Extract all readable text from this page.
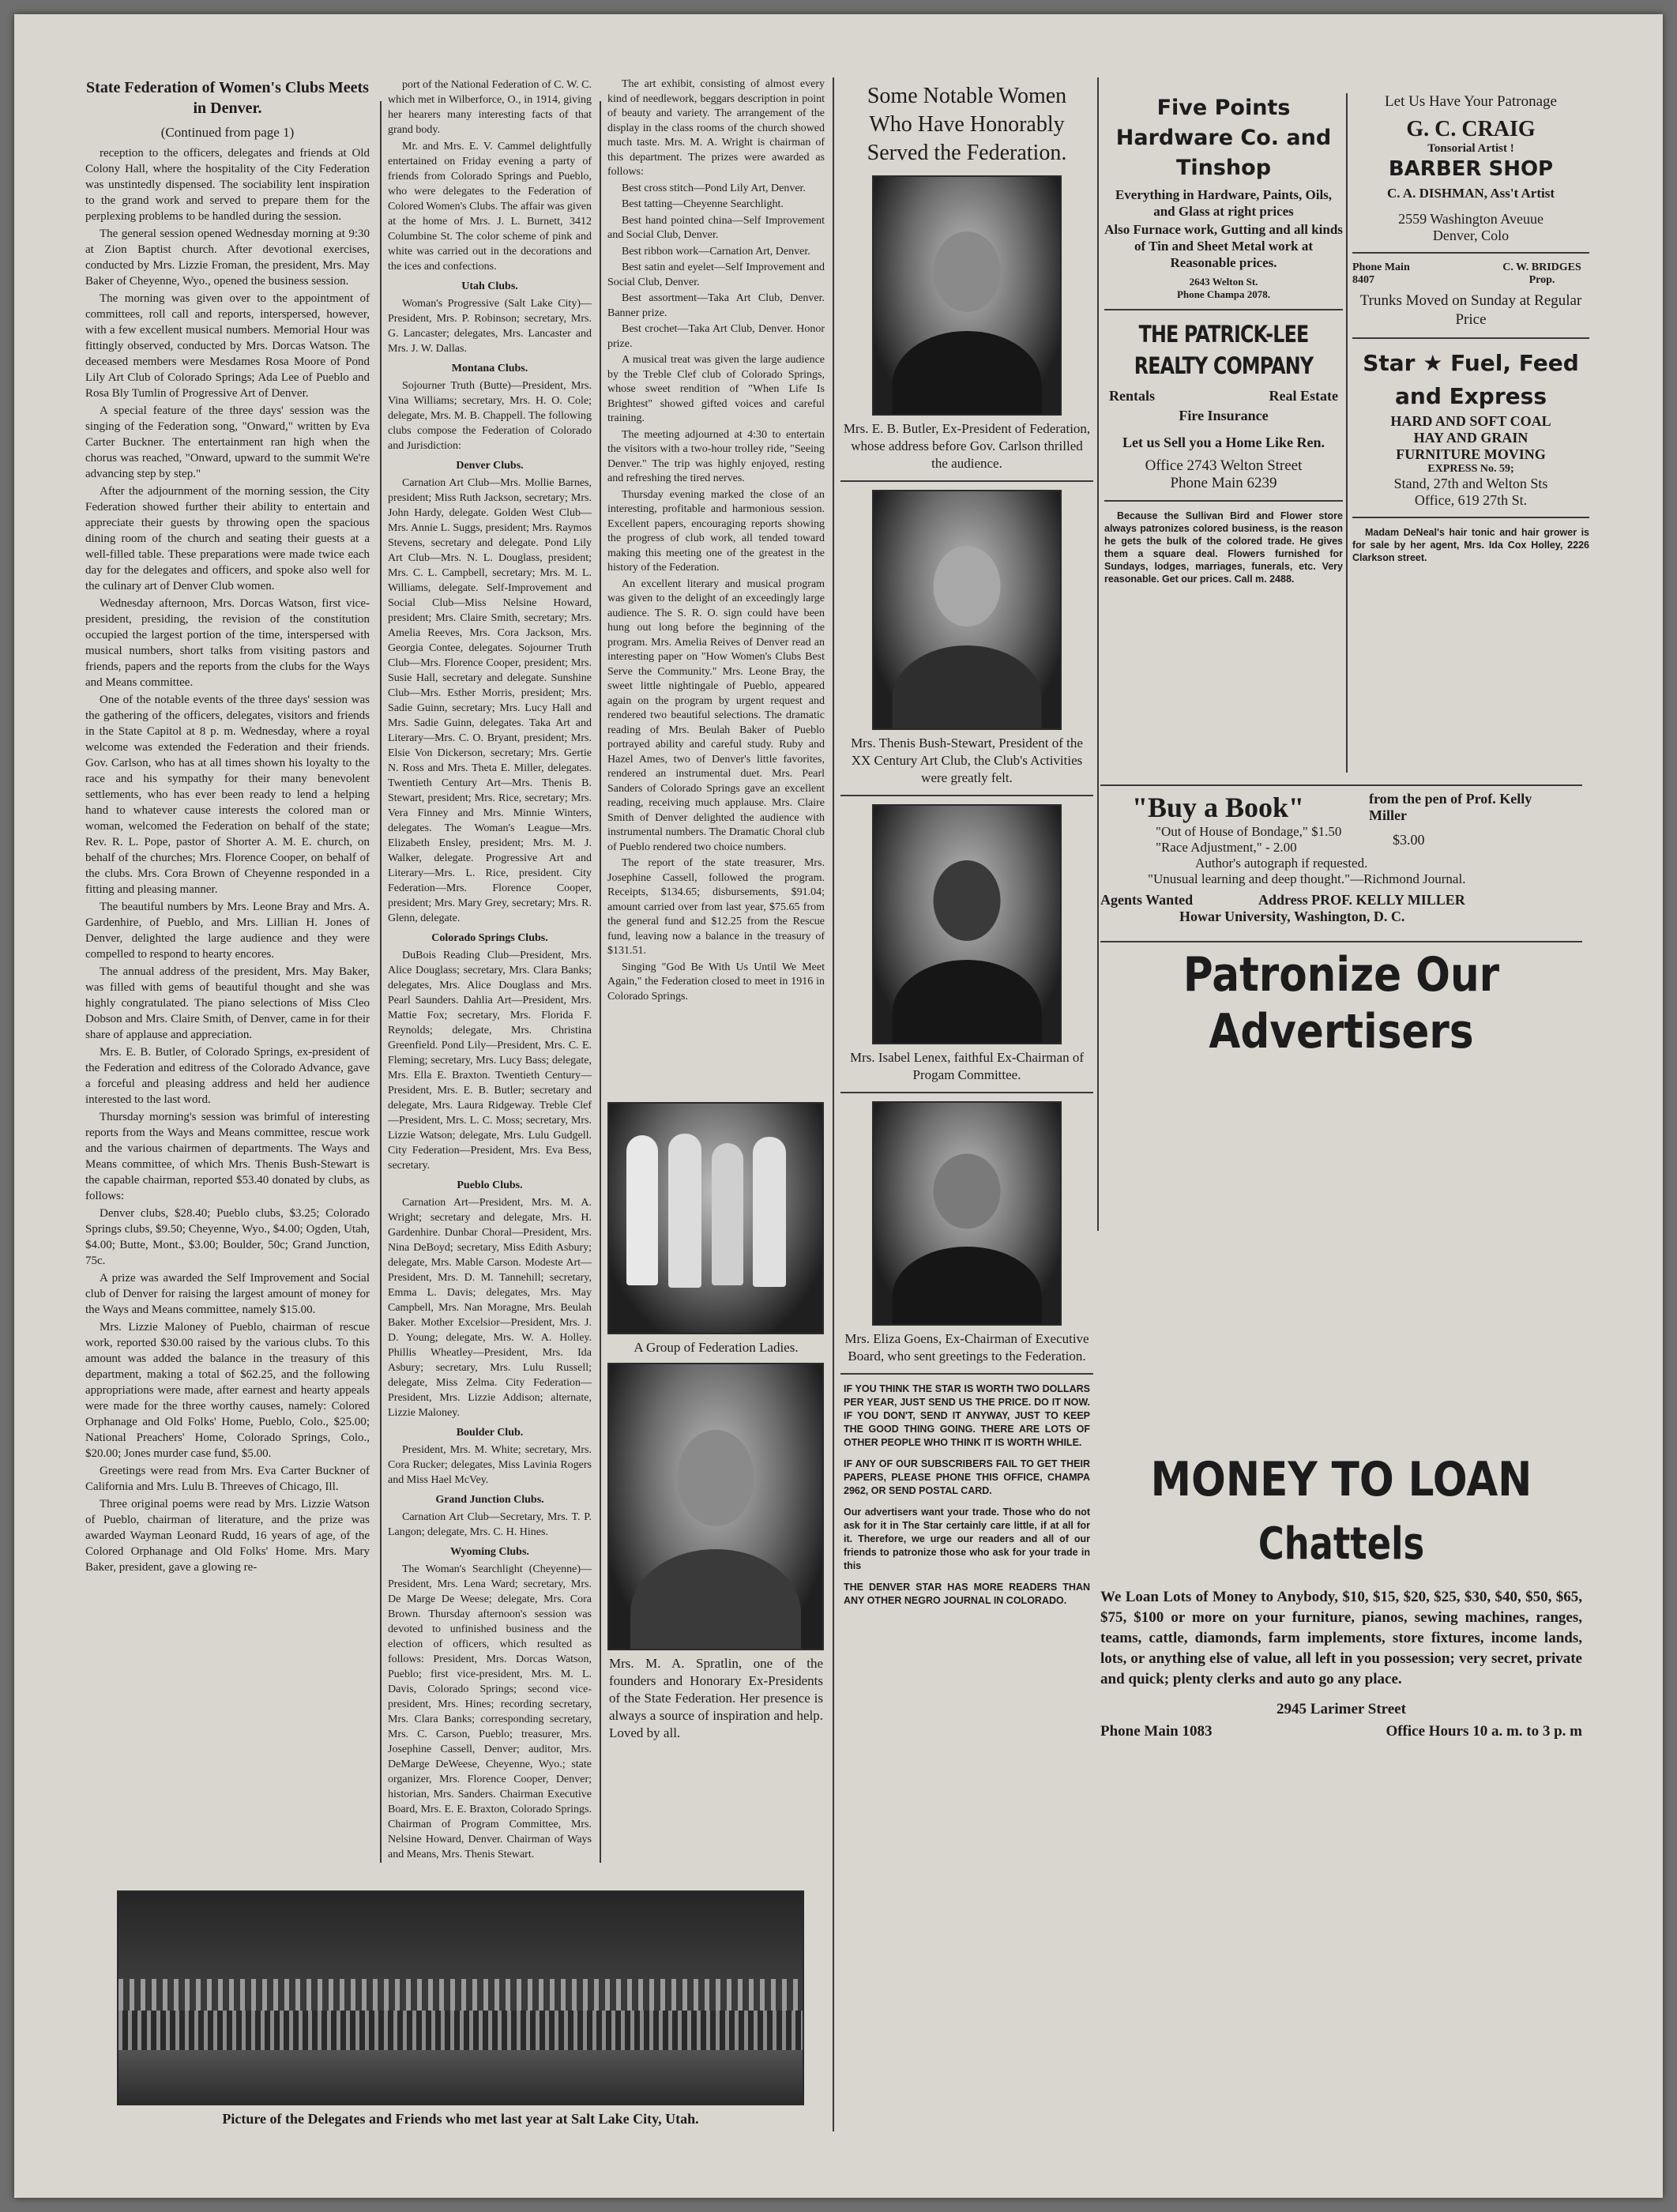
State Federation of Women's Clubs Meets in Denver.
(Continued from page 1)

reception to the officers, delegates and friends at Old Colony Hall, where the hospitality of the City Federation was unstintedly dispensed. The sociability lent inspiration to the grand work and served to prepare them for the perplexing problems to be handled during the session.

The general session opened Wednesday morning at 9:30 at Zion Baptist church. After devotional exercises, conducted by Mrs. Lizzie Froman, the president, Mrs. May Baker of Cheyenne, Wyo., opened the business session.

The morning was given over to the appointment of committees, roll call and reports, interspersed, however, with a few excellent musical numbers. Memorial Hour was fittingly observed, conducted by Mrs. Dorcas Watson. The deceased members were Mesdames Rosa Moore of Pond Lily Art Club of Colorado Springs; Ada Lee of Pueblo and Rosa Bly Tumlin of Progressive Art of Denver.

A special feature of the three days' session was the singing of the Federation song, "Onward," written by Eva Carter Buckner. The entertainment ran high when the chorus was reached, "Onward, upward to the summit We're advancing step by step."

After the adjournment of the morning session, the City Federation showed further their ability to entertain and appreciate their guests by throwing open the spacious dining room of the church and seating their guests at a well-filled table. These preparations were made twice each day for the delegates and officers, and spoke also well for the culinary art of Denver Club women.

Wednesday afternoon, Mrs. Dorcas Watson, first vice-president, presiding, the revision of the constitution occupied the largest portion of the time, interspersed with musical numbers, short talks from visiting pastors and friends, papers and the reports from the clubs for the Ways and Means committee.

One of the notable events of the three days' session was the gathering of the officers, delegates, visitors and friends in the State Capitol at 8 p. m. Wednesday, where a royal welcome was extended the Federation and their friends. Gov. Carlson, who has at all times shown his loyalty to the race and his sympathy for their many benevolent settlements, who has ever been ready to lend a helping hand to whatever cause interests the colored man or woman, welcomed the Federation on behalf of the state; Rev. R. L. Pope, pastor of Shorter A. M. E. church, on behalf of the churches; Mrs. Florence Cooper, on behalf of the clubs. Mrs. Cora Brown of Cheyenne responded in a fitting and pleasing manner.

The beautiful numbers by Mrs. Leone Bray and Mrs. A. Gardenhire, of Pueblo, and Mrs. Lillian H. Jones of Denver, delighted the large audience and they were compelled to respond to hearty encores.

The annual address of the president, Mrs. May Baker, was filled with gems of beautiful thought and she was highly congratulated. The piano selections of Miss Cleo Dobson and Mrs. Claire Smith, of Denver, came in for their share of applause and appreciation.

Mrs. E. B. Butler, of Colorado Springs, ex-president of the Federation and editress of the Colorado Advance, gave a forceful and pleasing address and held her audience interested to the last word.

Thursday morning's session was brimful of interesting reports from the Ways and Means committee, rescue work and the various chairmen of departments. The Ways and Means committee, of which Mrs. Thenis Bush-Stewart is the capable chairman, reported $53.40 donated by clubs, as follows:

Denver clubs, $28.40; Pueblo clubs, $3.25; Colorado Springs clubs, $9.50; Cheyenne, Wyo., $4.00; Ogden, Utah, $4.00; Butte, Mont., $3.00; Boulder, 50c; Grand Junction, 75c.

A prize was awarded the Self Improvement and Social club of Denver for raising the largest amount of money for the Ways and Means committee, namely $15.00.

Mrs. Lizzie Maloney of Pueblo, chairman of rescue work, reported $30.00 raised by the various clubs. To this amount was added the balance in the treasury of this department, making a total of $62.25, and the following appropriations were made, after earnest and hearty appeals were made for the three worthy causes, namely: Colored Orphanage and Old Folks' Home, Pueblo, Colo., $25.00; National Preachers' Home, Colorado Springs, Colo., $20.00; Jones murder case fund, $5.00.

Greetings were read from Mrs. Eva Carter Buckner of California and Mrs. Lulu B. Threeves of Chicago, Ill.

Three original poems were read by Mrs. Lizzie Watson of Pueblo, chairman of literature, and the prize was awarded Wayman Leonard Rudd, 16 years of age, of the Colored Orphanage and Old Folks' Home. Mrs. Mary Baker, president, gave a glowing re-

port of the National Federation of C. W. C. which met in Wilberforce, O., in 1914, giving her hearers many interesting facts of that grand body.

Mr. and Mrs. E. V. Cammel delightfully entertained on Friday evening a party of friends from Colorado Springs and Pueblo, who were delegates to the Federation of Colored Women's Clubs. The affair was given at the home of Mrs. J. L. Burnett, 3412 Columbine St. The color scheme of pink and white was carried out in the decorations and the ices and confections.

Utah Clubs.

Woman's Progressive (Salt Lake City)—President, Mrs. P. Robinson; secretary, Mrs. G. Lancaster; delegates, Mrs. Lancaster and Mrs. J. W. Dallas.

Montana Clubs.

Sojourner Truth (Butte)—President, Mrs. Vina Williams; secretary, Mrs. H. O. Cole; delegate, Mrs. M. B. Chappell. The following clubs compose the Federation of Colorado and Jurisdiction:

Denver Clubs.

Carnation Art Club—Mrs. Mollie Barnes, president; Miss Ruth Jackson, secretary; Mrs. John Hardy, delegate. Golden West Club—Mrs. Annie L. Suggs, president; Mrs. Raymos Stevens, secretary and delegate. Pond Lily Art Club—Mrs. N. L. Douglass, president; Mrs. C. L. Campbell, secretary; Mrs. M. L. Williams, delegate. Self-Improvement and Social Club—Miss Nelsine Howard, president; Mrs. Claire Smith, secretary; Mrs. Amelia Reeves, Mrs. Cora Jackson, Mrs. Georgia Contee, delegates. Sojourner Truth Club—Mrs. Florence Cooper, president; Mrs. Susie Hall, secretary and delegate. Sunshine Club—Mrs. Esther Morris, president; Mrs. Sadie Guinn, secretary; Mrs. Lucy Hall and Mrs. Sadie Guinn, delegates. Taka Art and Literary—Mrs. C. O. Bryant, president; Mrs. Elsie Von Dickerson, secretary; Mrs. Gertie N. Ross and Mrs. Theta E. Miller, delegates. Twentieth Century Art—Mrs. Thenis B. Stewart, president; Mrs. Rice, secretary; Mrs. Vera Finney and Mrs. Minnie Winters, delegates. The Woman's League—Mrs. Elizabeth Ensley, president; Mrs. M. J. Walker, delegate. Progressive Art and Literary—Mrs. L. Rice, president. City Federation—Mrs. Florence Cooper, president; Mrs. Mary Grey, secretary; Mrs. R. Glenn, delegate.

Colorado Springs Clubs.

DuBois Reading Club—President, Mrs. Alice Douglass; secretary, Mrs. Clara Banks; delegates, Mrs. Alice Douglass and Mrs. Pearl Saunders. Dahlia Art—President, Mrs. Mattie Fox; secretary, Mrs. Florida F. Reynolds; delegate, Mrs. Christina Greenfield. Pond Lily—President, Mrs. C. E. Fleming; secretary, Mrs. Lucy Bass; delegate, Mrs. Ella E. Braxton. Twentieth Century—President, Mrs. E. B. Butler; secretary and delegate, Mrs. Laura Ridgeway. Treble Clef—President, Mrs. L. C. Moss; secretary, Mrs. Lizzie Watson; delegate, Mrs. Lulu Gudgell. City Federation—President, Mrs. Eva Bess, secretary.

Pueblo Clubs.

Carnation Art—President, Mrs. M. A. Wright; secretary and delegate, Mrs. H. Gardenhire. Dunbar Choral—President, Mrs. Nina DeBoyd; secretary, Miss Edith Asbury; delegate, Mrs. Mable Carson. Modeste Art—President, Mrs. D. M. Tannehill; secretary, Emma L. Davis; delegates, Mrs. May Campbell, Mrs. Nan Moragne, Mrs. Beulah Baker. Mother Excelsior—President, Mrs. J. D. Young; delegate, Mrs. W. A. Holley. Phillis Wheatley—President, Mrs. Ida Asbury; secretary, Mrs. Lulu Russell; delegate, Miss Zelma. City Federation—President, Mrs. Lizzie Addison; alternate, Lizzie Maloney.

Boulder Club.

President, Mrs. M. White; secretary, Mrs. Cora Rucker; delegates, Miss Lavinia Rogers and Miss Hael McVey.

Grand Junction Clubs.

Carnation Art Club—Secretary, Mrs. T. P. Langon; delegate, Mrs. C. H. Hines.

Wyoming Clubs.

The Woman's Searchlight (Cheyenne)—President, Mrs. Lena Ward; secretary, Mrs. De Marge De Weese; delegate, Mrs. Cora Brown. Thursday afternoon's session was devoted to unfinished business and the election of officers, which resulted as follows: President, Mrs. Dorcas Watson, Pueblo; first vice-president, Mrs. M. L. Davis, Colorado Springs; second vice-president, Mrs. Hines; recording secretary, Mrs. Clara Banks; corresponding secretary, Mrs. C. Carson, Pueblo; treasurer, Mrs. Josephine Cassell, Denver; auditor, Mrs. DeMarge DeWeese, Cheyenne, Wyo.; state organizer, Mrs. Florence Cooper, Denver; historian, Mrs. Sanders. Chairman Executive Board, Mrs. E. E. Braxton, Colorado Springs. Chairman of Program Committee, Mrs. Nelsine Howard, Denver. Chairman of Ways and Means, Mrs. Thenis Stewart.

The art exhibit, consisting of almost every kind of needlework, beggars description in point of beauty and variety. The arrangement of the display in the class rooms of the church showed much taste. Mrs. M. A. Wright is chairman of this department. The prizes were awarded as follows:

Best cross stitch—Pond Lily Art, Denver.

Best tatting—Cheyenne Searchlight.

Best hand pointed china—Self Improvement and Social Club, Denver.

Best ribbon work—Carnation Art, Denver.

Best satin and eyelet—Self Improvement and Social Club, Denver.

Best assortment—Taka Art Club, Denver. Banner prize.

Best crochet—Taka Art Club, Denver. Honor prize.

A musical treat was given the large audience by the Treble Clef club of Colorado Springs, whose sweet rendition of "When Life Is Brightest" showed gifted voices and careful training.

The meeting adjourned at 4:30 to entertain the visitors with a two-hour trolley ride, "Seeing Denver." The trip was highly enjoyed, resting and refreshing the tired nerves.

Thursday evening marked the close of an interesting, profitable and harmonious session. Excellent papers, encouraging reports showing the progress of club work, all tended toward making this meeting one of the greatest in the history of the Federation.

An excellent literary and musical program was given to the delight of an exceedingly large audience. The S. R. O. sign could have been hung out long before the beginning of the program. Mrs. Amelia Reives of Denver read an interesting paper on "How Women's Clubs Best Serve the Community." Mrs. Leone Bray, the sweet little nightingale of Pueblo, appeared again on the program by urgent request and rendered two beautiful selections. The dramatic reading of Mrs. Beulah Baker of Pueblo portrayed ability and careful study. Ruby and Hazel Ames, two of Denver's little favorites, rendered an instrumental duet. Mrs. Pearl Sanders of Colorado Springs gave an excellent reading, receiving much applause. Mrs. Claire Smith of Denver delighted the audience with instrumental numbers. The Dramatic Choral club of Pueblo rendered two choice numbers.

The report of the state treasurer, Mrs. Josephine Cassell, followed the program. Receipts, $134.65; disbursements, $91.04; amount carried over from last year, $75.65 from the general fund and $12.25 from the Rescue fund, leaving now a balance in the treasury of $131.51.

Singing "God Be With Us Until We Meet Again," the Federation closed to meet in 1916 in Colorado Springs.

A Group of Federation Ladies.
Mrs. M. A. Spratlin, one of the founders and Honorary Ex-Presidents of the State Federation. Her presence is always a source of inspiration and help. Loved by all.
Some Notable Women Who Have Honorably Served the Federation.
Mrs. E. B. Butler, Ex-President of Federation, whose address before Gov. Carlson thrilled the audience.
Mrs. Thenis Bush-Stewart, President of the XX Century Art Club, the Club's Activities were greatly felt.
Mrs. Isabel Lenex, faithful Ex-Chairman of Progam Committee.
Mrs. Eliza Goens, Ex-Chairman of Executive Board, who sent greetings to the Federation.

IF YOU THINK THE STAR IS WORTH TWO DOLLARS PER YEAR, JUST SEND US THE PRICE. DO IT NOW. IF YOU DON'T, SEND IT ANYWAY, JUST TO KEEP THE GOOD THING GOING. THERE ARE LOTS OF OTHER PEOPLE WHO THINK IT IS WORTH WHILE.

IF ANY OF OUR SUBSCRIBERS FAIL TO GET THEIR PAPERS, PLEASE PHONE THIS OFFICE, CHAMPA 2962, OR SEND POSTAL CARD.

Our advertisers want your trade. Those who do not ask for it in The Star certainly care little, if at all for it. Therefore, we urge our readers and all of our friends to patronize those who ask for your trade in this

THE DENVER STAR HAS MORE READERS THAN ANY OTHER NEGRO JOURNAL IN COLORADO.

Five Points Hardware Co. and Tinshop
Everything in Hardware, Paints, Oils, and Glass at right prices
Also Furnace work, Gutting and all kinds of Tin and Sheet Metal work at Reasonable prices.
2643 Welton St.
Phone Champa 2078.
THE PATRICK-LEE REALTY COMPANY
Rentals	Real Estate
Fire Insurance
Let us Sell you a Home Like Ren.
Office 2743 Welton Street
Phone Main 6239
Because the Sullivan Bird and Flower store always patronizes colored business, is the reason he gets the bulk of the colored trade. He gives them a square deal. Flowers furnished for Sundays, lodges, marriages, funerals, etc. Very reasonable. Get our prices. Call m. 2488.
Let Us Have Your Patronage
G. C. CRAIG
Tonsorial Artist !
BARBER SHOP
C. A. DISHMAN, Ass't Artist
2559 Washington Aveuue
Denver, Colo
Phone Main 8407
C. W. BRIDGES Prop.
Trunks Moved on Sunday at Regular Price
Star ★ Fuel, Feed and Express
HARD AND SOFT COAL
HAY AND GRAIN
FURNITURE MOVING
EXPRESS No. 59;
Stand, 27th and Welton Sts
Office, 619 27th St.
Madam DeNeal's hair tonic and hair grower is for sale by her agent, Mrs. Ida Cox Holley, 2226 Clarkson street.
"Buy a Book"	from the pen of Prof. Kelly Miller
"Out of House of Bondage," $1.50
"Race Adjustment," - 2.00	$3.00
Author's autograph if requested.
"Unusual learning and deep thought."—Richmond Journal.
Agents Wanted	Address PROF. KELLY MILLER
Howar University, Washington, D. C.
Patronize Our Advertisers
MONEY TO LOAN
Chattels
We Loan Lots of Money to Anybody, $10, $15, $20, $25, $30, $40, $50, $65, $75, $100 or more on your furniture, pianos, sewing machines, ranges, teams, cattle, diamonds, farm implements, store fixtures, income lands, lots, or anything else of value, all left in you possession; very secret, private and quick; plenty clerks and auto go any place.
2945 Larimer Street
Phone Main 1083	Office Hours 10 a. m. to 3 p. m
Picture of the Delegates and Friends who met last year at Salt Lake City, Utah.
